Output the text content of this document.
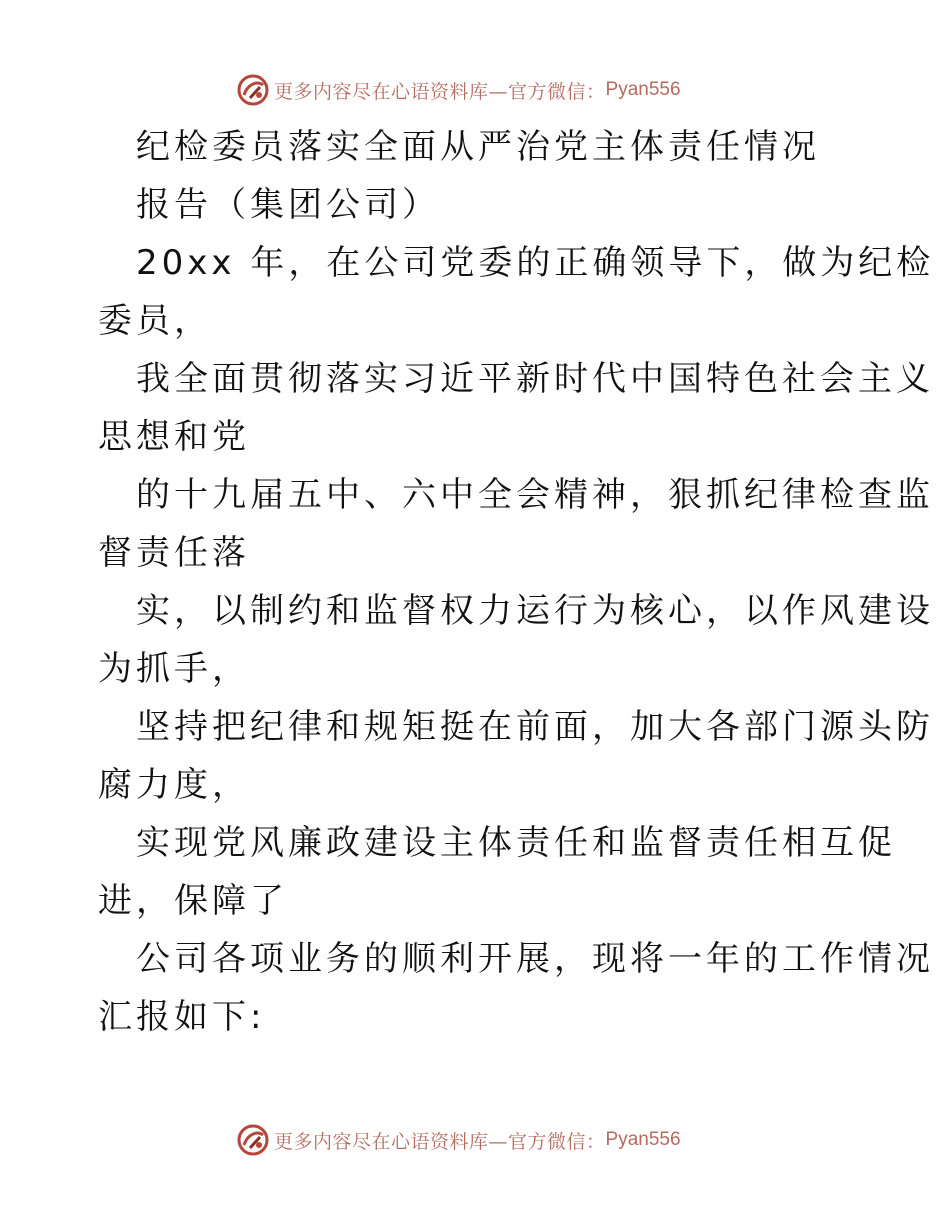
更多内容尽在心语资料库—官方微信： Pyan556
纪检委员落实全面从严治党主体责任情况
报告（集团公司）
20xx 年，在公司党委的正确领导下，做为纪检
委员，
我全面贯彻落实习近平新时代中国特色社会主义
思想和党
的十九届五中、六中全会精神，狠抓纪律检查监
督责任落
实，以制约和监督权力运行为核心，以作风建设
为抓手，
坚持把纪律和规矩挺在前面，加大各部门源头防
腐力度，
实现党风廉政建设主体责任和监督责任相互促
进，保障了
公司各项业务的顺利开展，现将一年的工作情况
汇报如下:
更多内容尽在心语资料库—官方微信： Pyan556
